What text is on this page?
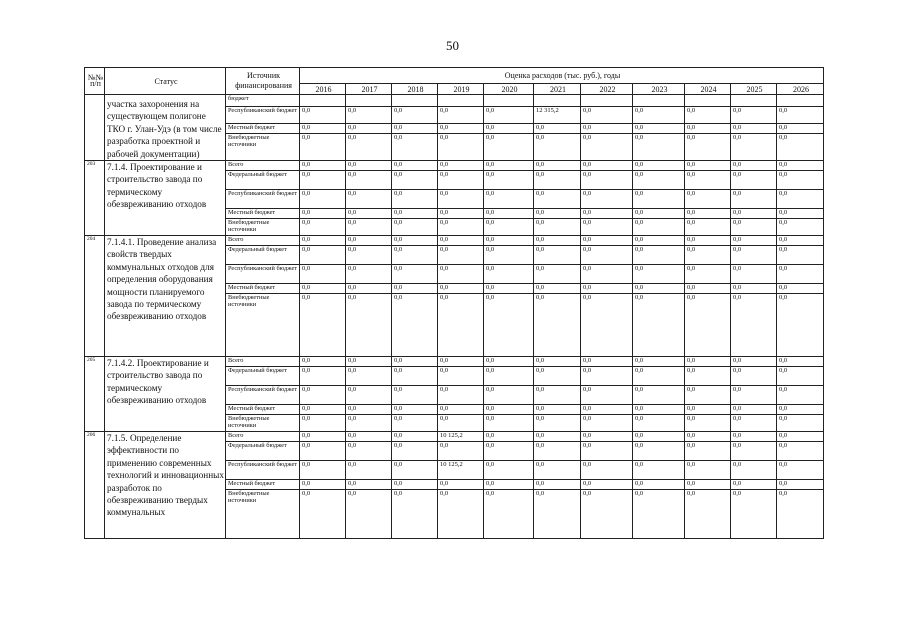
50
№№ п/п	Статус	Источник финансирования	Оценка расходов (тыс. руб.), годы										
			2016	2017	2018	2019	2020	2021	2022	2023	2024	2025	2026
	участка захоронения на существующем полигоне ТКО г. Улан-Удэ (в том числе разработка проектной и рабочей документации)	бюджет											
		Республиканский бюджет	0,0	0,0	0,0	0,0	0,0	12 315,2	0,0	0,0	0,0	0,0	0,0
		Местный бюджет	0,0	0,0	0,0	0,0	0,0	0,0	0,0	0,0	0,0	0,0	0,0
		Внебюджетные источники	0,0	0,0	0,0	0,0	0,0	0,0	0,0	0,0	0,0	0,0	0,0
203	7.1.4. Проектирование и строительство завода по термическому обезвреживанию отходов	Всего	0,0	0,0	0,0	0,0	0,0	0,0	0,0	0,0	0,0	0,0	0,0
		Федеральный бюджет	0,0	0,0	0,0	0,0	0,0	0,0	0,0	0,0	0,0	0,0	0,0
		Республиканский бюджет	0,0	0,0	0,0	0,0	0,0	0,0	0,0	0,0	0,0	0,0	0,0
		Местный бюджет	0,0	0,0	0,0	0,0	0,0	0,0	0,0	0,0	0,0	0,0	0,0
		Внебюджетные источники	0,0	0,0	0,0	0,0	0,0	0,0	0,0	0,0	0,0	0,0	0,0
204	7.1.4.1. Проведение анализа свойств твердых коммунальных отходов для определения оборудования мощности планируемого завода по термическому обезвреживанию отходов	Всего	0,0	0,0	0,0	0,0	0,0	0,0	0,0	0,0	0,0	0,0	0,0
		Федеральный бюджет	0,0	0,0	0,0	0,0	0,0	0,0	0,0	0,0	0,0	0,0	0,0
		Республиканский бюджет	0,0	0,0	0,0	0,0	0,0	0,0	0,0	0,0	0,0	0,0	0,0
		Местный бюджет	0,0	0,0	0,0	0,0	0,0	0,0	0,0	0,0	0,0	0,0	0,0
		Внебюджетные источники	0,0	0,0	0,0	0,0	0,0	0,0	0,0	0,0	0,0	0,0	0,0
205	7.1.4.2. Проектирование и строительство завода по термическому обезвреживанию отходов	Всего	0,0	0,0	0,0	0,0	0,0	0,0	0,0	0,0	0,0	0,0	0,0
		Федеральный бюджет	0,0	0,0	0,0	0,0	0,0	0,0	0,0	0,0	0,0	0,0	0,0
		Республиканский бюджет	0,0	0,0	0,0	0,0	0,0	0,0	0,0	0,0	0,0	0,0	0,0
		Местный бюджет	0,0	0,0	0,0	0,0	0,0	0,0	0,0	0,0	0,0	0,0	0,0
		Внебюджетные источники	0,0	0,0	0,0	0,0	0,0	0,0	0,0	0,0	0,0	0,0	0,0
206	7.1.5. Определение эффективности по применению современных технологий и инновационных разработок по обезвреживанию твердых коммунальных	Всего	0,0	0,0	0,0	10 125,2	0,0	0,0	0,0	0,0	0,0	0,0	0,0
		Федеральный бюджет	0,0	0,0	0,0	0,0	0,0	0,0	0,0	0,0	0,0	0,0	0,0
		Республиканский бюджет	0,0	0,0	0,0	10 125,2	0,0	0,0	0,0	0,0	0,0	0,0	0,0
		Местный бюджет	0,0	0,0	0,0	0,0	0,0	0,0	0,0	0,0	0,0	0,0	0,0
		Внебюджетные источники	0,0	0,0	0,0	0,0	0,0	0,0	0,0	0,0	0,0	0,0	0,0
